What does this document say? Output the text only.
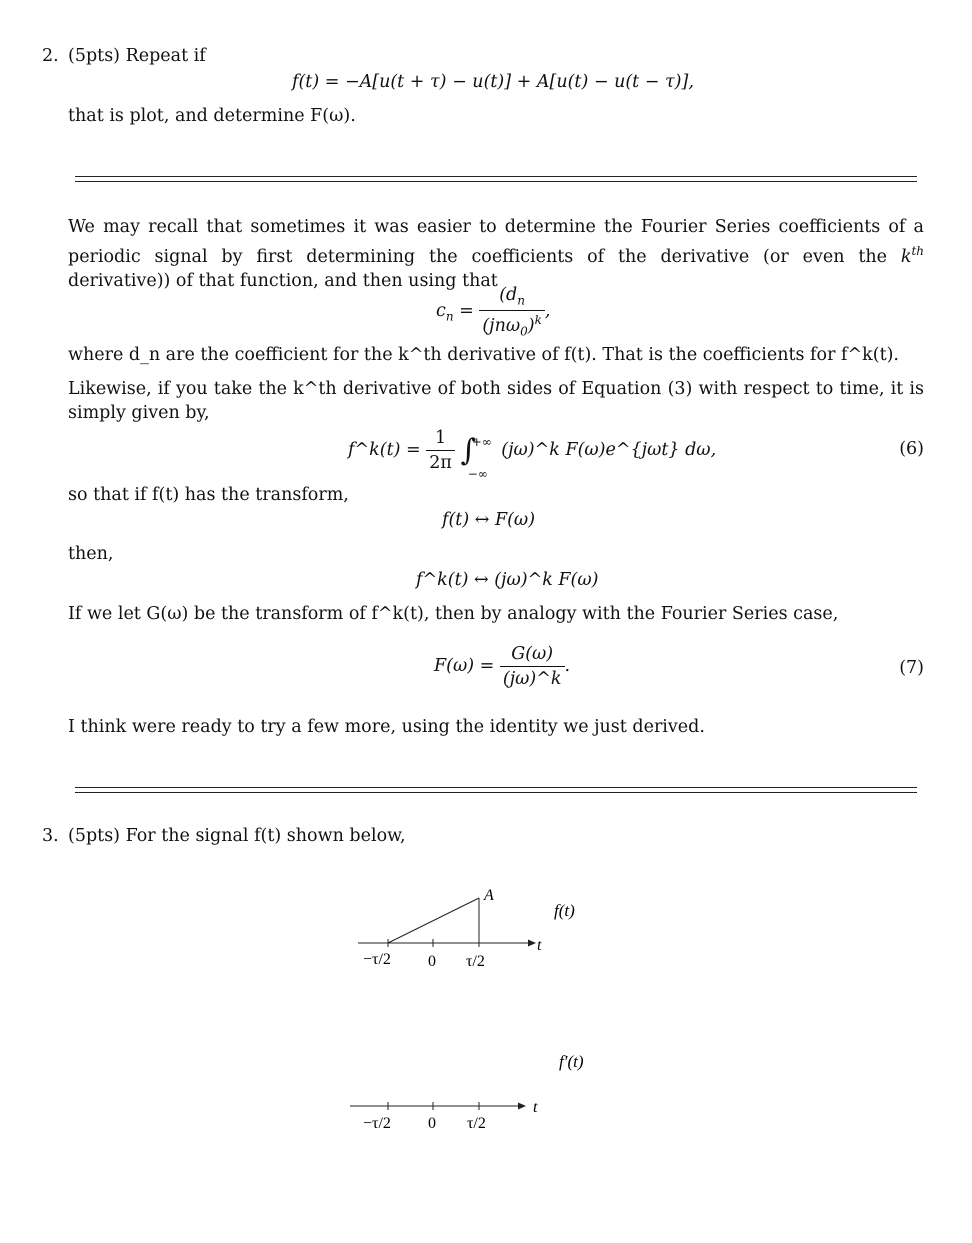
2. (5pts) Repeat if
f(t) = −A[u(t + τ) − u(t)] + A[u(t) − u(t − τ)],
that is plot, and determine F(ω).
We may recall that sometimes it was easier to determine the Fourier Series coefficients of a periodic signal by first determining the coefficients of the derivative (or even the $k^{th}$ derivative)) of that function, and then using that
$c_n = \frac{(d_n}{(jn\omega_0)^k}$ ,
where d_n are the coefficient for the k^th derivative of f(t). That is the coefficients for f^k(t).
Likewise, if you take the k^th derivative of both sides of Equation (3) with respect to time, it is simply given by,
f^k(t) = $\frac{1}{2\pi}$ ∫
+∞
−∞
(jω)^k F(ω)e^{jωt} dω,	(6)
so that if f(t) has the transform,
f(t) ↔ F(ω)
then,
f^k(t) ↔ (jω)^k F(ω)
If we let G(ω) be the transform of f^k(t), then by analogy with the Fourier Series case,
$F(\omega) = \frac{G(\omega)}{(j\omega)\^{}k}$ .	(7)
I think were ready to try a few more, using the identity we just derived.
3. (5pts) For the signal f(t) shown below,
A
t
f(t)
−τ/2 0 τ/2
t
f′(t)
−τ/2 0 τ/2
